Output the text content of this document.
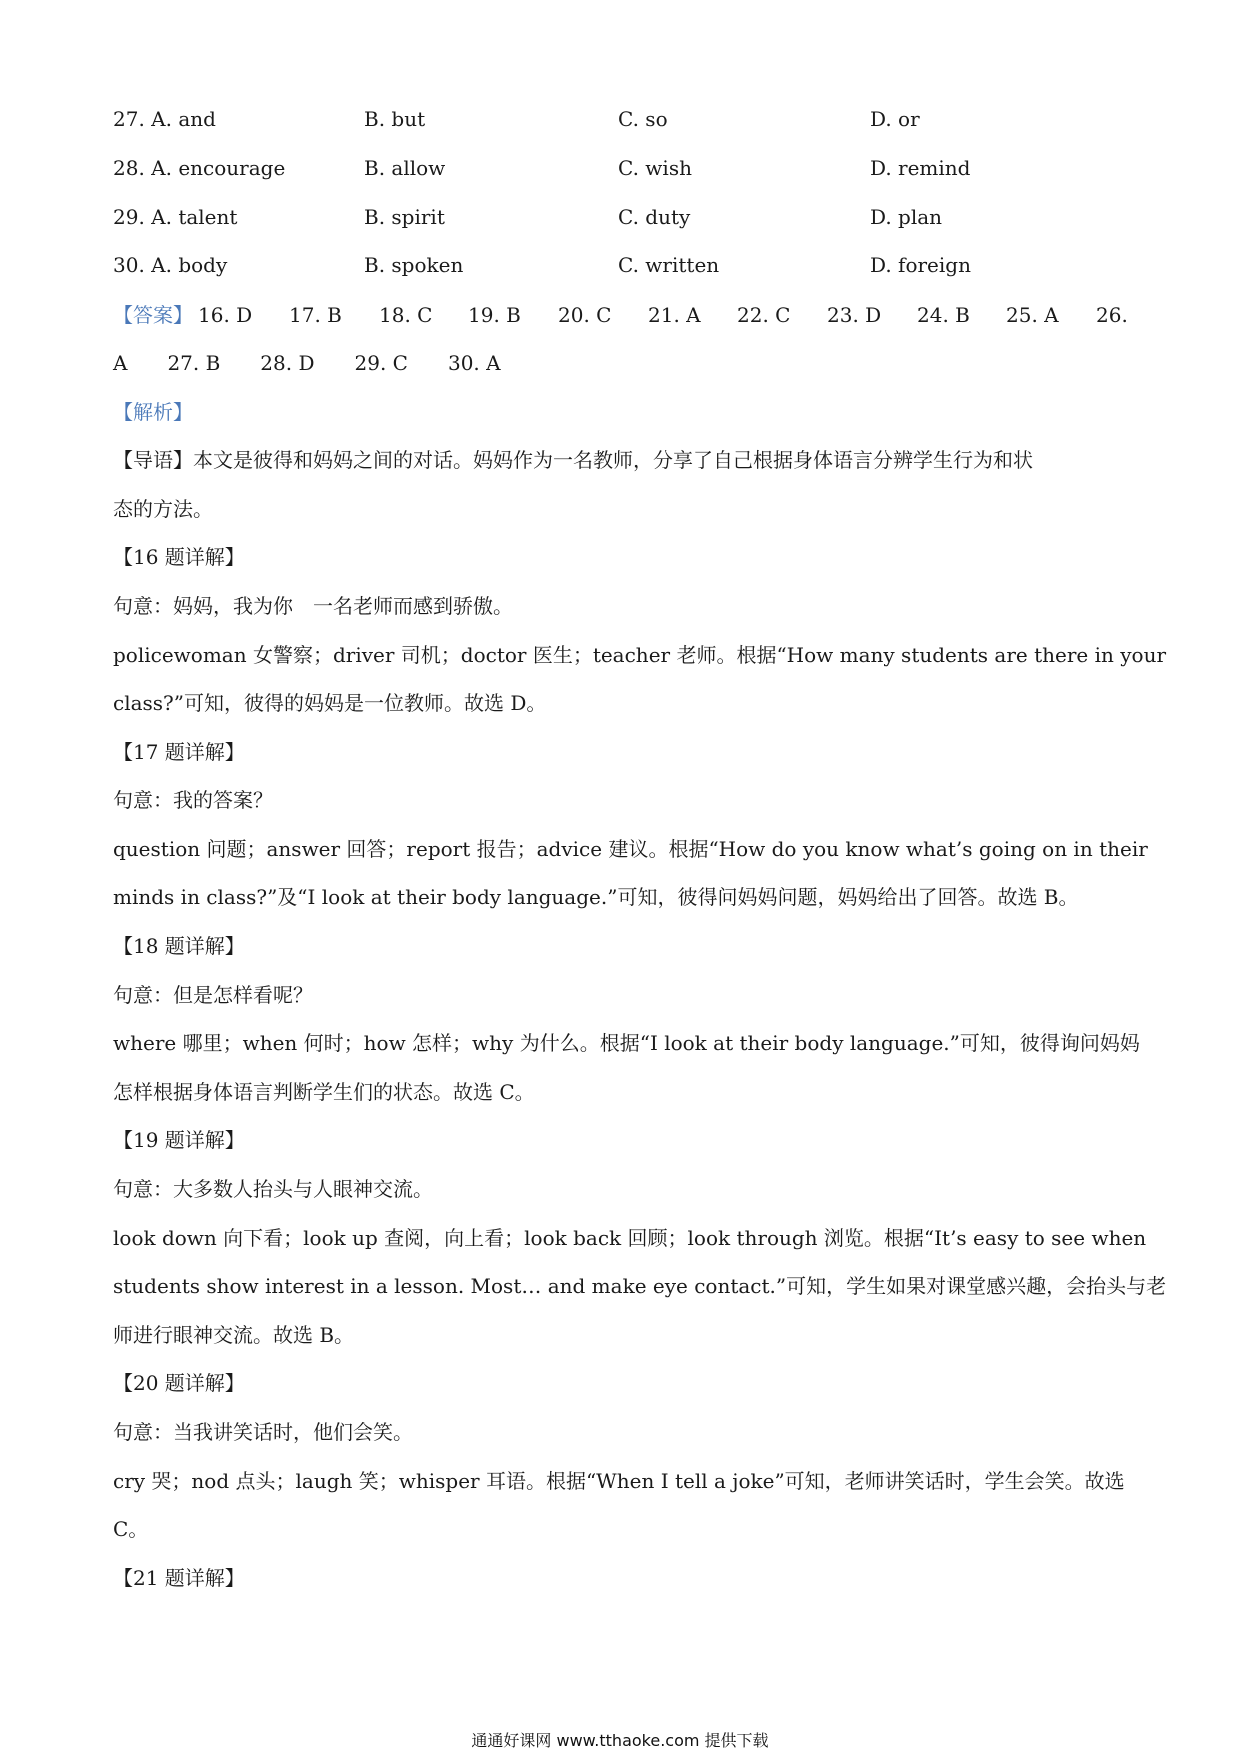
27. A. and	B. but	C. so	D. or
28. A. encourage	B. allow	C. wish	D. remind
29. A. talent	B. spirit	C. duty	D. plan
30. A. body	B. spoken	C. written	D. foreign
【答案】 16. D 17. B 18. C 19. B 20. C 21. A 22. C 23. D 24. B 25. A 26.
A　　27. B　　28. D　　29. C　　30. A
【解析】
【导语】本文是彼得和妈妈之间的对话。妈妈作为一名教师，分享了自己根据身体语言分辨学生行为和状
态的方法。
【16 题详解】
句意：妈妈，我为你　一名老师而感到骄傲。
policewoman 女警察；driver 司机；doctor 医生；teacher 老师。根据“How many students are there in your
class?”可知，彼得的妈妈是一位教师。故选 D。
【17 题详解】
句意：我的答案？
question 问题；answer 回答；report 报告；advice 建议。根据“How do you know what’s going on in their
minds in class?”及“I look at their body language.”可知，彼得问妈妈问题，妈妈给出了回答。故选 B。
【18 题详解】
句意：但是怎样看呢？
where 哪里；when 何时；how 怎样；why 为什么。根据“I look at their body language.”可知，彼得询问妈妈
怎样根据身体语言判断学生们的状态。故选 C。
【19 题详解】
句意：大多数人抬头与人眼神交流。
look down 向下看；look up 查阅，向上看；look back 回顾；look through 浏览。根据“It’s easy to see when
students show interest in a lesson. Most… and make eye contact.”可知，学生如果对课堂感兴趣，会抬头与老
师进行眼神交流。故选 B。
【20 题详解】
句意：当我讲笑话时，他们会笑。
cry 哭；nod 点头；laugh 笑；whisper 耳语。根据“When I tell a joke”可知，老师讲笑话时，学生会笑。故选
C。
【21 题详解】
通通好课网 www.tthaoke.com 提供下载
